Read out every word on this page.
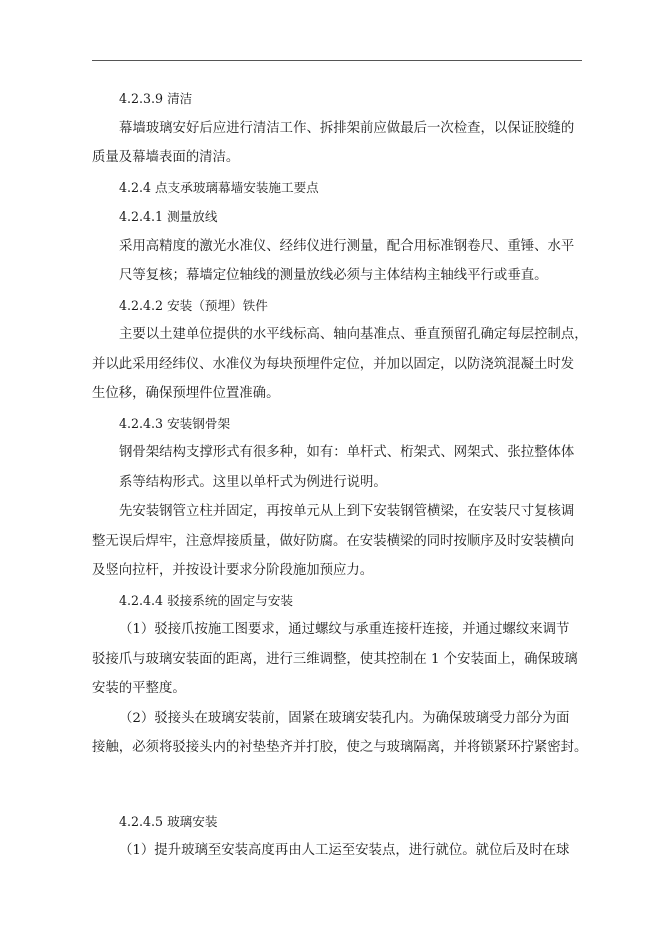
4.2.3.9 清洁
幕墙玻璃安好后应进行清洁工作、拆排架前应做最后一次检查，以保证胶缝的
质量及幕墙表面的清洁。
4.2.4 点支承玻璃幕墙安装施工要点
4.2.4.1 测量放线
采用高精度的激光水准仪、经纬仪进行测量，配合用标准钢卷尺、重锤、水平
尺等复核；幕墙定位轴线的测量放线必须与主体结构主轴线平行或垂直。
4.2.4.2 安装（预埋）铁件
主要以土建单位提供的水平线标高、轴向基准点、垂直预留孔确定每层控制点，
并以此采用经纬仪、水准仪为每块预埋件定位，并加以固定，以防浇筑混凝土时发
生位移，确保预埋件位置准确。
4.2.4.3 安装钢骨架
钢骨架结构支撑形式有很多种，如有：单杆式、桁架式、网架式、张拉整体体
系等结构形式。这里以单杆式为例进行说明。
先安装钢管立柱并固定，再按单元从上到下安装钢管横梁，在安装尺寸复核调
整无误后焊牢，注意焊接质量，做好防腐。在安装横梁的同时按顺序及时安装横向
及竖向拉杆，并按设计要求分阶段施加预应力。
4.2.4.4 驳接系统的固定与安装
（1）驳接爪按施工图要求，通过螺纹与承重连接杆连接，并通过螺纹来调节
驳接爪与玻璃安装面的距离，进行三维调整，使其控制在 1 个安装面上，确保玻璃
安装的平整度。
（2）驳接头在玻璃安装前，固紧在玻璃安装孔内。为确保玻璃受力部分为面
接触，必须将驳接头内的衬垫垫齐并打胶，使之与玻璃隔离，并将锁紧环拧紧密封。
4.2.4.5 玻璃安装
（1）提升玻璃至安装高度再由人工运至安装点，进行就位。就位后及时在球
